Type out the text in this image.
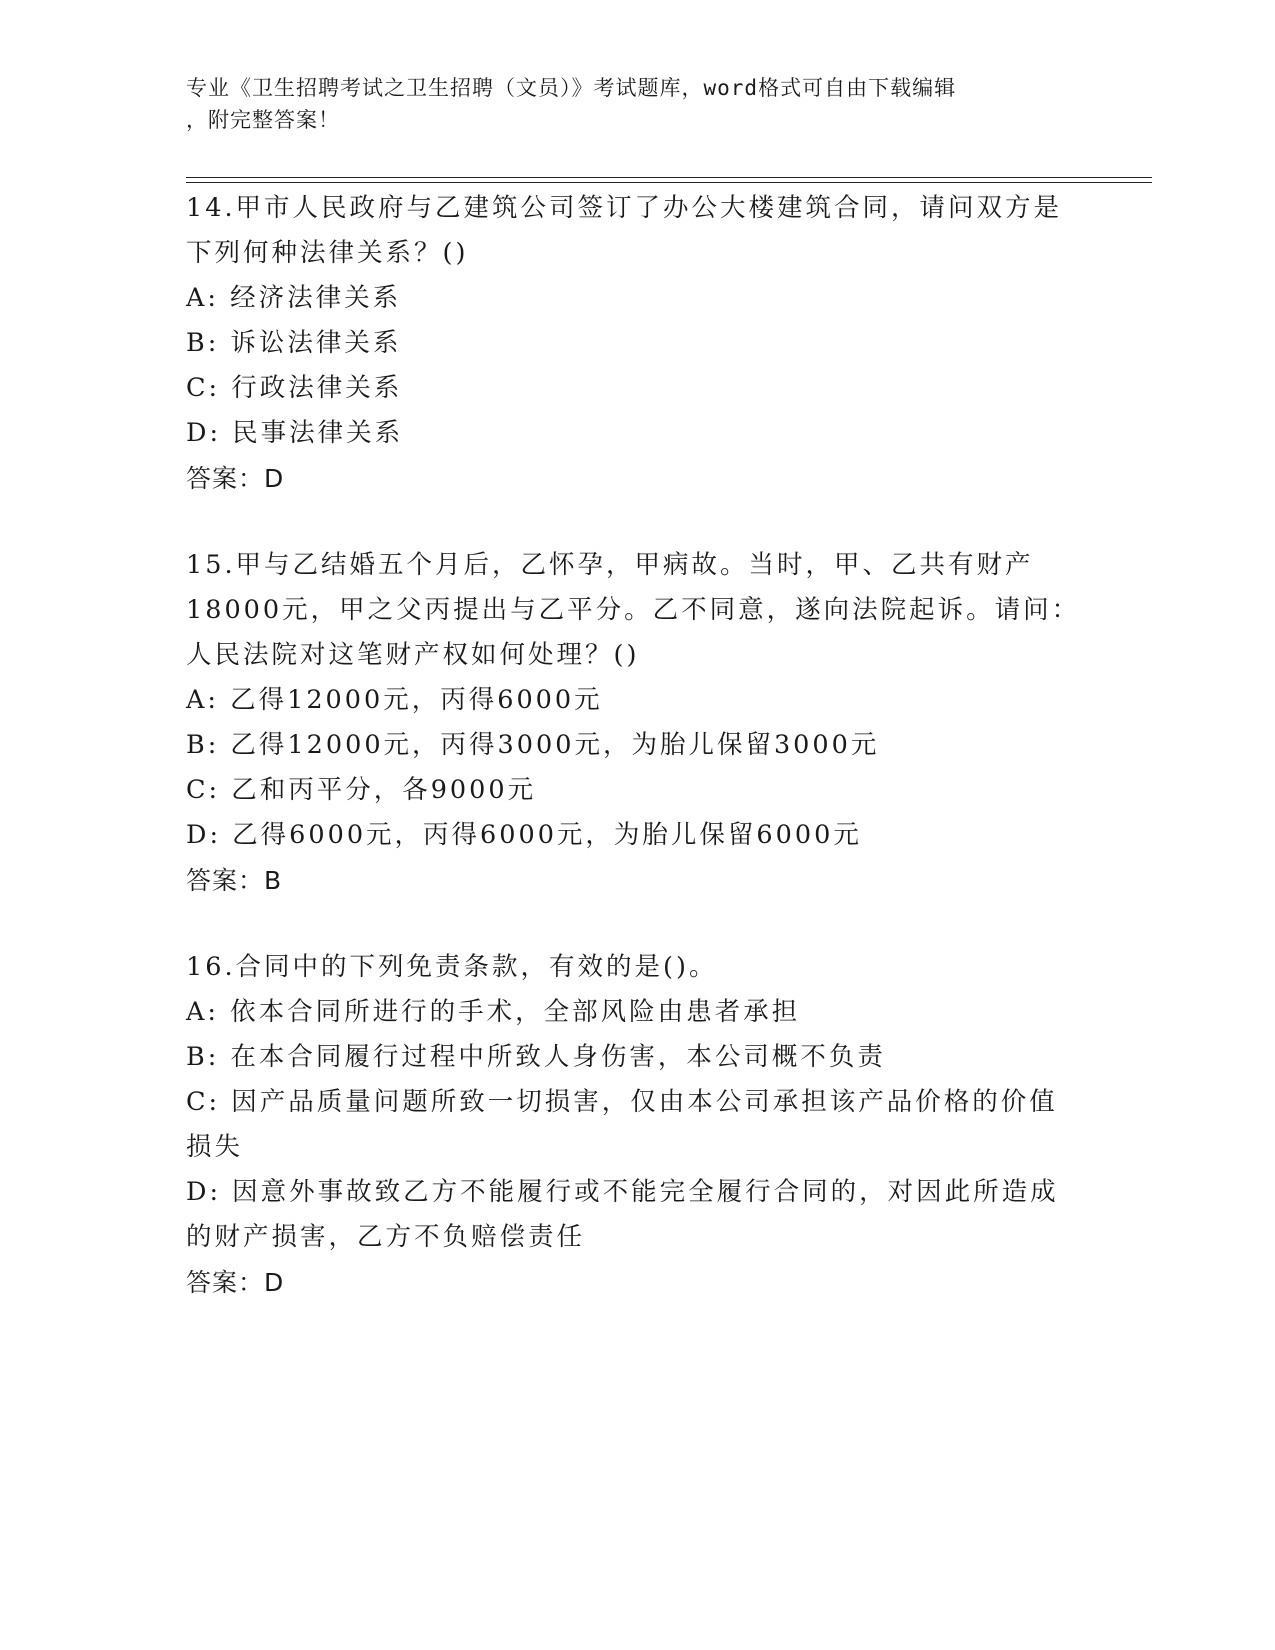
专业《卫生招聘考试之卫生招聘（文员）》考试题库，word格式可自由下载编辑
，附完整答案！
14.甲市人民政府与乙建筑公司签订了办公大楼建筑合同，请问双方是
下列何种法律关系？()
A: 经济法律关系
B: 诉讼法律关系
C: 行政法律关系
D: 民事法律关系
答案：D
15.甲与乙结婚五个月后，乙怀孕，甲病故。当时，甲、乙共有财产
18000元，甲之父丙提出与乙平分。乙不同意，遂向法院起诉。请问：
人民法院对这笔财产权如何处理？()
A: 乙得12000元，丙得6000元
B: 乙得12000元，丙得3000元，为胎儿保留3000元
C: 乙和丙平分，各9000元
D: 乙得6000元，丙得6000元，为胎儿保留6000元
答案：B
16.合同中的下列免责条款，有效的是()。
A: 依本合同所进行的手术，全部风险由患者承担
B: 在本合同履行过程中所致人身伤害，本公司概不负责
C: 因产品质量问题所致一切损害，仅由本公司承担该产品价格的价值
损失
D: 因意外事故致乙方不能履行或不能完全履行合同的，对因此所造成
的财产损害，乙方不负赔偿责任
答案：D
